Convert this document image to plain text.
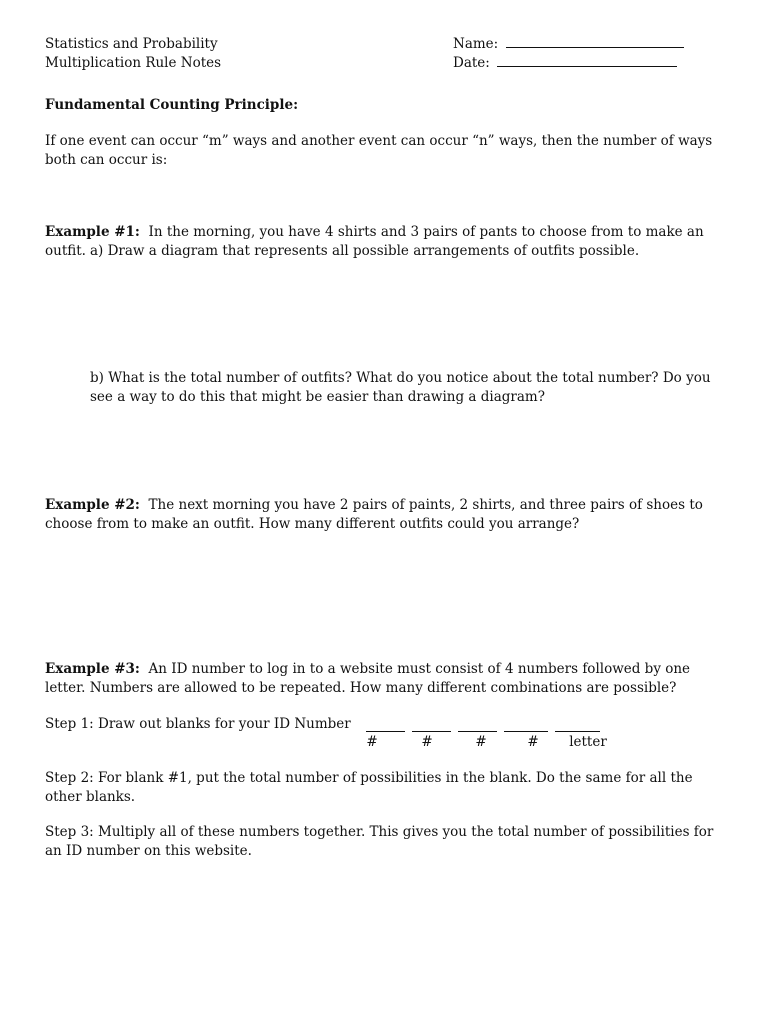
Statistics and Probability
Multiplication Rule Notes
Name:
Date:
Fundamental Counting Principle:
If one event can occur “m” ways and another event can occur “n” ways, then the number of ways both can occur is:
Example #1: In the morning, you have 4 shirts and 3 pairs of pants to choose from to make an outfit. a) Draw a diagram that represents all possible arrangements of outfits possible.
b) What is the total number of outfits? What do you notice about the total number? Do you see a way to do this that might be easier than drawing a diagram?
Example #2: The next morning you have 2 pairs of paints, 2 shirts, and three pairs of shoes to choose from to make an outfit. How many different outfits could you arrange?
Example #3: An ID number to log in to a website must consist of 4 numbers followed by one letter. Numbers are allowed to be repeated. How many different combinations are possible?
Step 1: Draw out blanks for your ID Number
#	#	#	#	letter
Step 2: For blank #1, put the total number of possibilities in the blank. Do the same for all the other blanks.
Step 3: Multiply all of these numbers together. This gives you the total number of possibilities for an ID number on this website.
